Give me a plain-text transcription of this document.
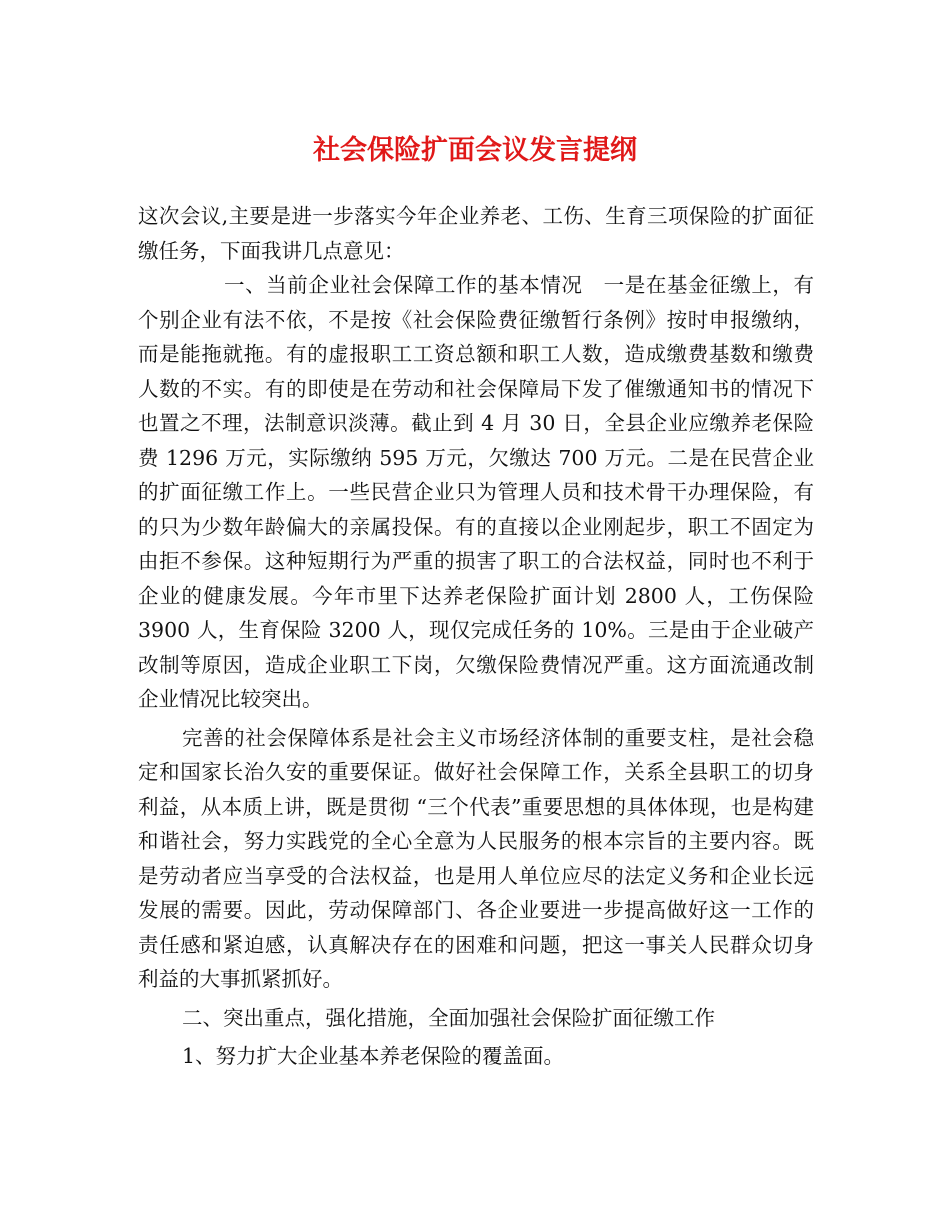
社会保险扩面会议发言提纲

这次会议,主要是进一步落实今年企业养老、工伤、生育三项保险的扩面征缴任务，下面我讲几点意见：

一、当前企业社会保障工作的基本情况　一是在基金征缴上，有个别企业有法不依，不是按《社会保险费征缴暂行条例》按时申报缴纳，而是能拖就拖。有的虚报职工工资总额和职工人数，造成缴费基数和缴费人数的不实。有的即使是在劳动和社会保障局下发了催缴通知书的情况下也置之不理，法制意识淡薄。截止到 4 月 30 日，全县企业应缴养老保险费 1296 万元，实际缴纳 595 万元，欠缴达 700 万元。二是在民营企业的扩面征缴工作上。一些民营企业只为管理人员和技术骨干办理保险，有的只为少数年龄偏大的亲属投保。有的直接以企业刚起步，职工不固定为由拒不参保。这种短期行为严重的损害了职工的合法权益，同时也不利于企业的健康发展。今年市里下达养老保险扩面计划 2800 人，工伤保险 3900 人，生育保险 3200 人，现仅完成任务的 10%。三是由于企业破产改制等原因，造成企业职工下岗，欠缴保险费情况严重。这方面流通改制企业情况比较突出。

完善的社会保障体系是社会主义市场经济体制的重要支柱，是社会稳定和国家长治久安的重要保证。做好社会保障工作，关系全县职工的切身利益，从本质上讲，既是贯彻 “三个代表”重要思想的具体体现，也是构建和谐社会，努力实践党的全心全意为人民服务的根本宗旨的主要内容。既是劳动者应当享受的合法权益，也是用人单位应尽的法定义务和企业长远发展的需要。因此，劳动保障部门、各企业要进一步提高做好这一工作的责任感和紧迫感，认真解决存在的困难和问题，把这一事关人民群众切身利益的大事抓紧抓好。

二、突出重点，强化措施，全面加强社会保险扩面征缴工作

1、努力扩大企业基本养老保险的覆盖面。
